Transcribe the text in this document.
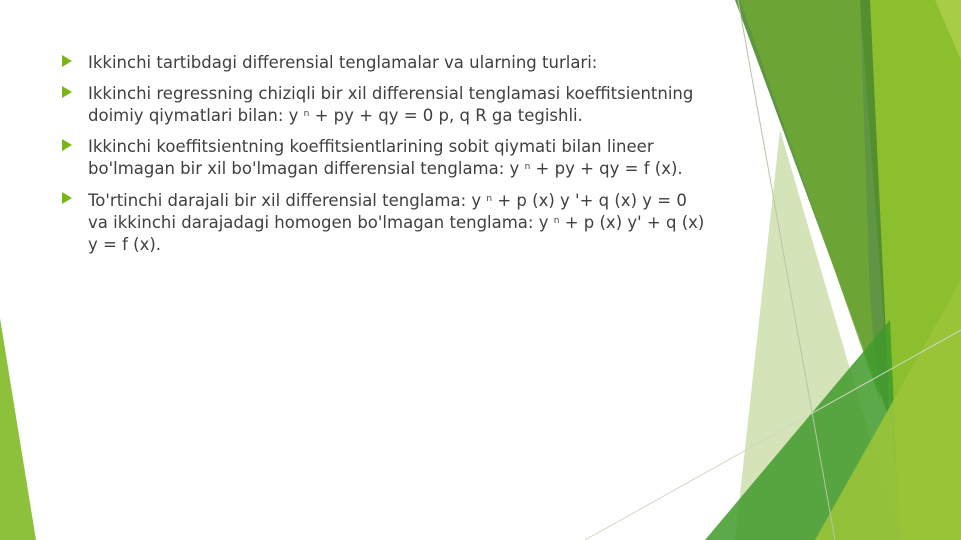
Ikkinchi tartibdagi differensial tenglamalar va ularning turlari:
Ikkinchi regressning chiziqli bir xil differensial tenglamasi koeffitsientning doimiy qiymatlari bilan: y $^n$ + py + qy = 0 p, q R ga tegishli.
Ikkinchi koeffitsientning koeffitsientlarining sobit qiymati bilan lineer bo'lmagan bir xil bo'lmagan differensial tenglama: y $^n$ + py + qy = f (x).
To'rtinchi darajali bir xil differensial tenglama: y $^n$ + p (x) y '+ q (x) y = 0 va ikkinchi darajadagi homogen bo'lmagan tenglama: y $^n$ + p (x) y' + q (x) y = f (x).
